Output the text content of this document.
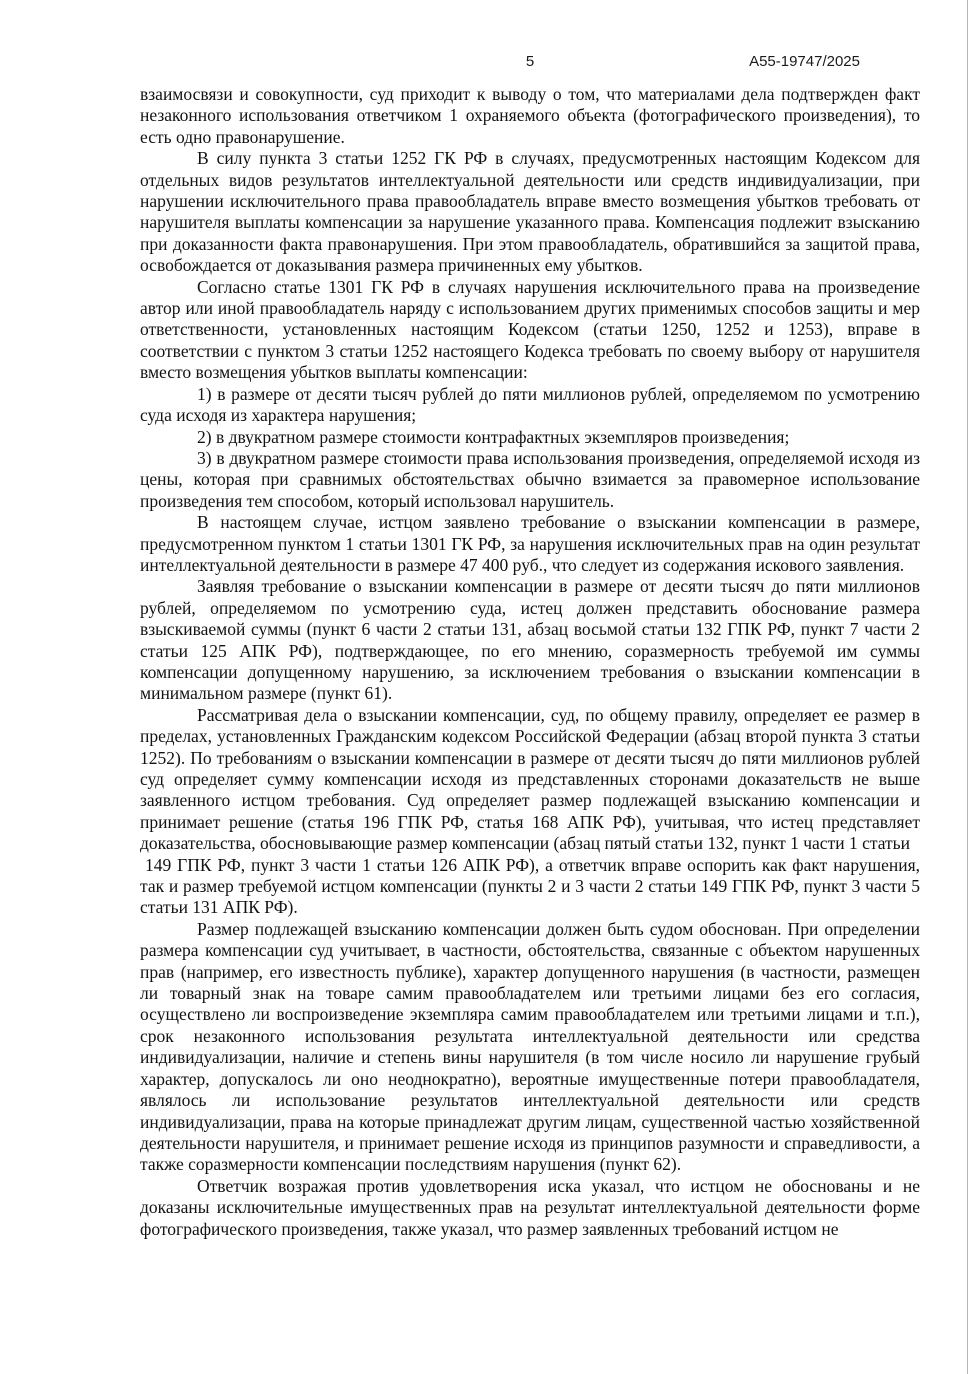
5	А55-19747/2025

взаимосвязи и совокупности, суд приходит к выводу о том, что материалами дела подтвержден факт незаконного использования ответчиком 1 охраняемого объекта (фотографического произведения), то есть одно правонарушение.

В силу пункта 3 статьи 1252 ГК РФ в случаях, предусмотренных настоящим Кодексом для отдельных видов результатов интеллектуальной деятельности или средств индивидуализации, при нарушении исключительного права правообладатель вправе вместо возмещения убытков требовать от нарушителя выплаты компенсации за нарушение указанного права. Компенсация подлежит взысканию при доказанности факта правонарушения. При этом правообладатель, обратившийся за защитой права, освобождается от доказывания размера причиненных ему убытков.

Согласно статье 1301 ГК РФ в случаях нарушения исключительного права на произведение автор или иной правообладатель наряду с использованием других применимых способов защиты и мер ответственности, установленных настоящим Кодексом (статьи 1250, 1252 и 1253), вправе в соответствии с пунктом 3 статьи 1252 настоящего Кодекса требовать по своему выбору от нарушителя вместо возмещения убытков выплаты компенсации:

1) в размере от десяти тысяч рублей до пяти миллионов рублей, определяемом по усмотрению суда исходя из характера нарушения;

2) в двукратном размере стоимости контрафактных экземпляров произведения;

3) в двукратном размере стоимости права использования произведения, определяемой исходя из цены, которая при сравнимых обстоятельствах обычно взимается за правомерное использование произведения тем способом, который использовал нарушитель.

В настоящем случае, истцом заявлено требование о взыскании компенсации в размере, предусмотренном пунктом 1 статьи 1301 ГК РФ, за нарушения исключительных прав на один результат интеллектуальной деятельности в размере 47 400 руб., что следует из содержания искового заявления.

Заявляя требование о взыскании компенсации в размере от десяти тысяч до пяти миллионов рублей, определяемом по усмотрению суда, истец должен представить обоснование размера взыскиваемой суммы (пункт 6 части 2 статьи 131, абзац восьмой статьи 132 ГПК РФ, пункт 7 части 2 статьи 125 АПК РФ), подтверждающее, по его мнению, соразмерность требуемой им суммы компенсации допущенному нарушению, за исключением требования о взыскании компенсации в минимальном размере (пункт 61).

Рассматривая дела о взыскании компенсации, суд, по общему правилу, определяет ее размер в пределах, установленных Гражданским кодексом Российской Федерации (абзац второй пункта 3 статьи 1252). По требованиям о взыскании компенсации в размере от десяти тысяч до пяти миллионов рублей суд определяет сумму компенсации исходя из представленных сторонами доказательств не выше заявленного истцом требования. Суд определяет размер подлежащей взысканию компенсации и принимает решение (статья 196 ГПК РФ, статья 168 АПК РФ), учитывая, что истец представляет доказательства, обосновывающие размер компенсации (абзац пятый статьи 132, пункт 1 части 1 статьи

149 ГПК РФ, пункт 3 части 1 статьи 126 АПК РФ), а ответчик вправе оспорить как факт нарушения, так и размер требуемой истцом компенсации (пункты 2 и 3 части 2 статьи 149 ГПК РФ, пункт 3 части 5 статьи 131 АПК РФ).

Размер подлежащей взысканию компенсации должен быть судом обоснован. При определении размера компенсации суд учитывает, в частности, обстоятельства, связанные с объектом нарушенных прав (например, его известность публике), характер допущенного нарушения (в частности, размещен ли товарный знак на товаре самим правообладателем или третьими лицами без его согласия, осуществлено ли воспроизведение экземпляра самим правообладателем или третьими лицами и т.п.), срок незаконного использования результата интеллектуальной деятельности или средства индивидуализации, наличие и степень вины нарушителя (в том числе носило ли нарушение грубый характер, допускалось ли оно неоднократно), вероятные имущественные потери правообладателя, являлось ли использование результатов интеллектуальной деятельности или средств индивидуализации, права на которые принадлежат другим лицам, существенной частью хозяйственной деятельности нарушителя, и принимает решение исходя из принципов разумности и справедливости, а также соразмерности компенсации последствиям нарушения (пункт 62).

Ответчик возражая против удовлетворения иска указал, что истцом не обоснованы и не доказаны исключительные имущественных прав на результат интеллектуальной деятельности форме фотографического произведения, также указал, что размер заявленных требований истцом не
